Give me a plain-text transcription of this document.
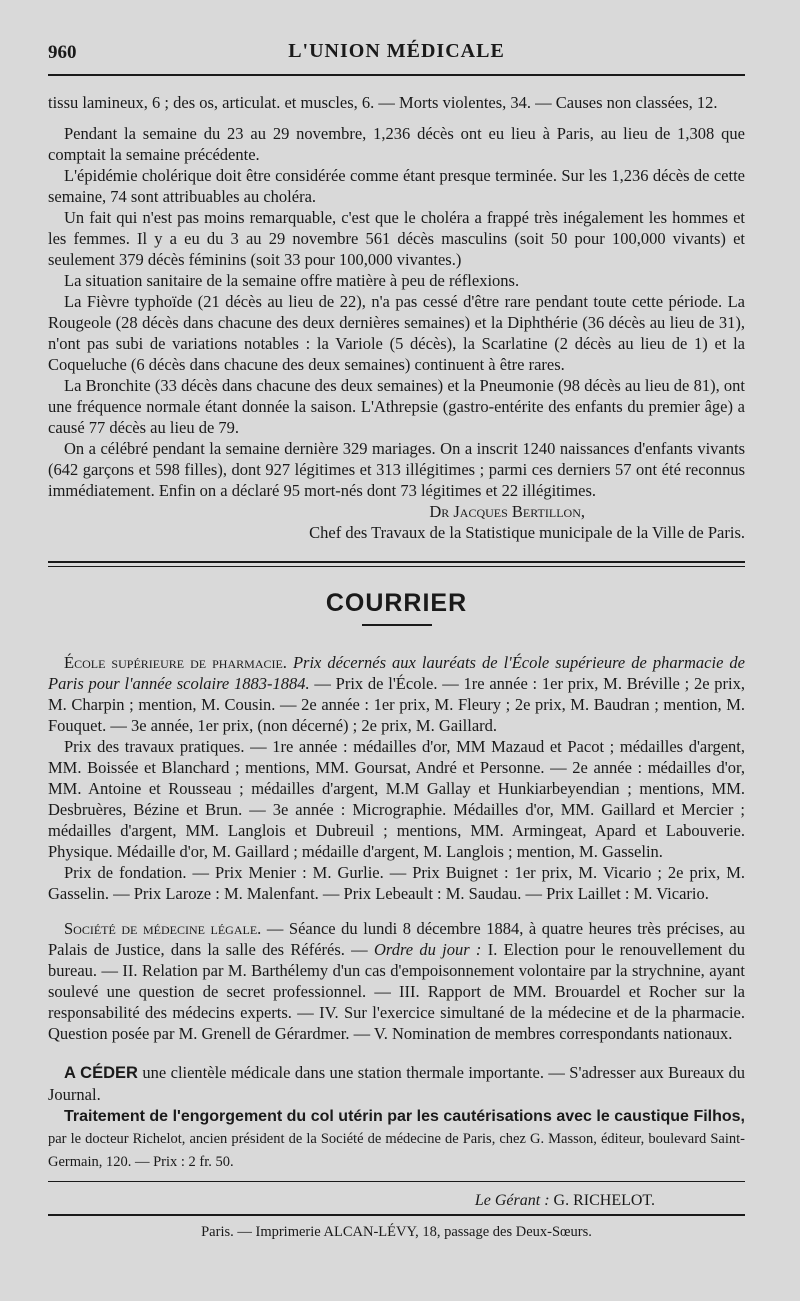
960	L'UNION MÉDICALE

tissu lamineux, 6 ; des os, articulat. et muscles, 6. — Morts violentes, 34. — Causes non classées, 12.

Pendant la semaine du 23 au 29 novembre, 1,236 décès ont eu lieu à Paris, au lieu de 1,308 que comptait la semaine précédente.

L'épidémie cholérique doit être considérée comme étant presque terminée. Sur les 1,236 décès de cette semaine, 74 sont attribuables au choléra.

Un fait qui n'est pas moins remarquable, c'est que le choléra a frappé très inégalement les hommes et les femmes. Il y a eu du 3 au 29 novembre 561 décès masculins (soit 50 pour 100,000 vivants) et seulement 379 décès féminins (soit 33 pour 100,000 vivantes.)

La situation sanitaire de la semaine offre matière à peu de réflexions.

La Fièvre typhoïde (21 décès au lieu de 22), n'a pas cessé d'être rare pendant toute cette période. La Rougeole (28 décès dans chacune des deux dernières semaines) et la Diphthérie (36 décès au lieu de 31), n'ont pas subi de variations notables : la Variole (5 décès), la Scarlatine (2 décès au lieu de 1) et la Coqueluche (6 décès dans chacune des deux semaines) continuent à être rares.

La Bronchite (33 décès dans chacune des deux semaines) et la Pneumonie (98 décès au lieu de 81), ont une fréquence normale étant donnée la saison. L'Athrepsie (gastro-entérite des enfants du premier âge) a causé 77 décès au lieu de 79.

On a célébré pendant la semaine dernière 329 mariages. On a inscrit 1240 naissances d'enfants vivants (642 garçons et 598 filles), dont 927 légitimes et 313 illégitimes ; parmi ces derniers 57 ont été reconnus immédiatement. Enfin on a déclaré 95 mort-nés dont 73 légitimes et 22 illégitimes.

Dr Jacques Bertillon,
Chef des Travaux de la Statistique municipale de la Ville de Paris.
COURRIER

École supérieure de pharmacie. Prix décernés aux lauréats de l'École supérieure de pharmacie de Paris pour l'année scolaire 1883-1884. — Prix de l'École. — 1re année : 1er prix, M. Bréville ; 2e prix, M. Charpin ; mention, M. Cousin. — 2e année : 1er prix, M. Fleury ; 2e prix, M. Baudran ; mention, M. Fouquet. — 3e année, 1er prix, (non décerné) ; 2e prix, M. Gaillard.

Prix des travaux pratiques. — 1re année : médailles d'or, MM Mazaud et Pacot ; médailles d'argent, MM. Boissée et Blanchard ; mentions, MM. Goursat, André et Personne. — 2e année : médailles d'or, MM. Antoine et Rousseau ; médailles d'argent, M.M Gallay et Hunkiarbeyendian ; mentions, MM. Desbruères, Bézine et Brun. — 3e année : Micrographie. Médailles d'or, MM. Gaillard et Mercier ; médailles d'argent, MM. Langlois et Dubreuil ; mentions, MM. Armingeat, Apard et Labouverie. Physique. Médaille d'or, M. Gaillard ; médaille d'argent, M. Langlois ; mention, M. Gasselin.

Prix de fondation. — Prix Menier : M. Gurlie. — Prix Buignet : 1er prix, M. Vicario ; 2e prix, M. Gasselin. — Prix Laroze : M. Malenfant. — Prix Lebeault : M. Saudau. — Prix Laillet : M. Vicario.

Société de médecine légale. — Séance du lundi 8 décembre 1884, à quatre heures très précises, au Palais de Justice, dans la salle des Référés. — Ordre du jour : I. Election pour le renouvellement du bureau. — II. Relation par M. Barthélemy d'un cas d'empoisonnement volontaire par la strychnine, ayant soulevé une question de secret professionnel. — III. Rapport de MM. Brouardel et Rocher sur la responsabilité des médecins experts. — IV. Sur l'exercice simultané de la médecine et de la pharmacie. Question posée par M. Grenell de Gérardmer. — V. Nomination de membres correspondants nationaux.

A CÉDER une clientèle médicale dans une station thermale importante. — S'adresser aux Bureaux du Journal.

Traitement de l'engorgement du col utérin par les cautérisations avec le caustique Filhos, par le docteur Richelot, ancien président de la Société de médecine de Paris, chez G. Masson, éditeur, boulevard Saint-Germain, 120. — Prix : 2 fr. 50.

Le Gérant : G. RICHELOT.
Paris. — Imprimerie ALCAN-LÉVY, 18, passage des Deux-Sœurs.
